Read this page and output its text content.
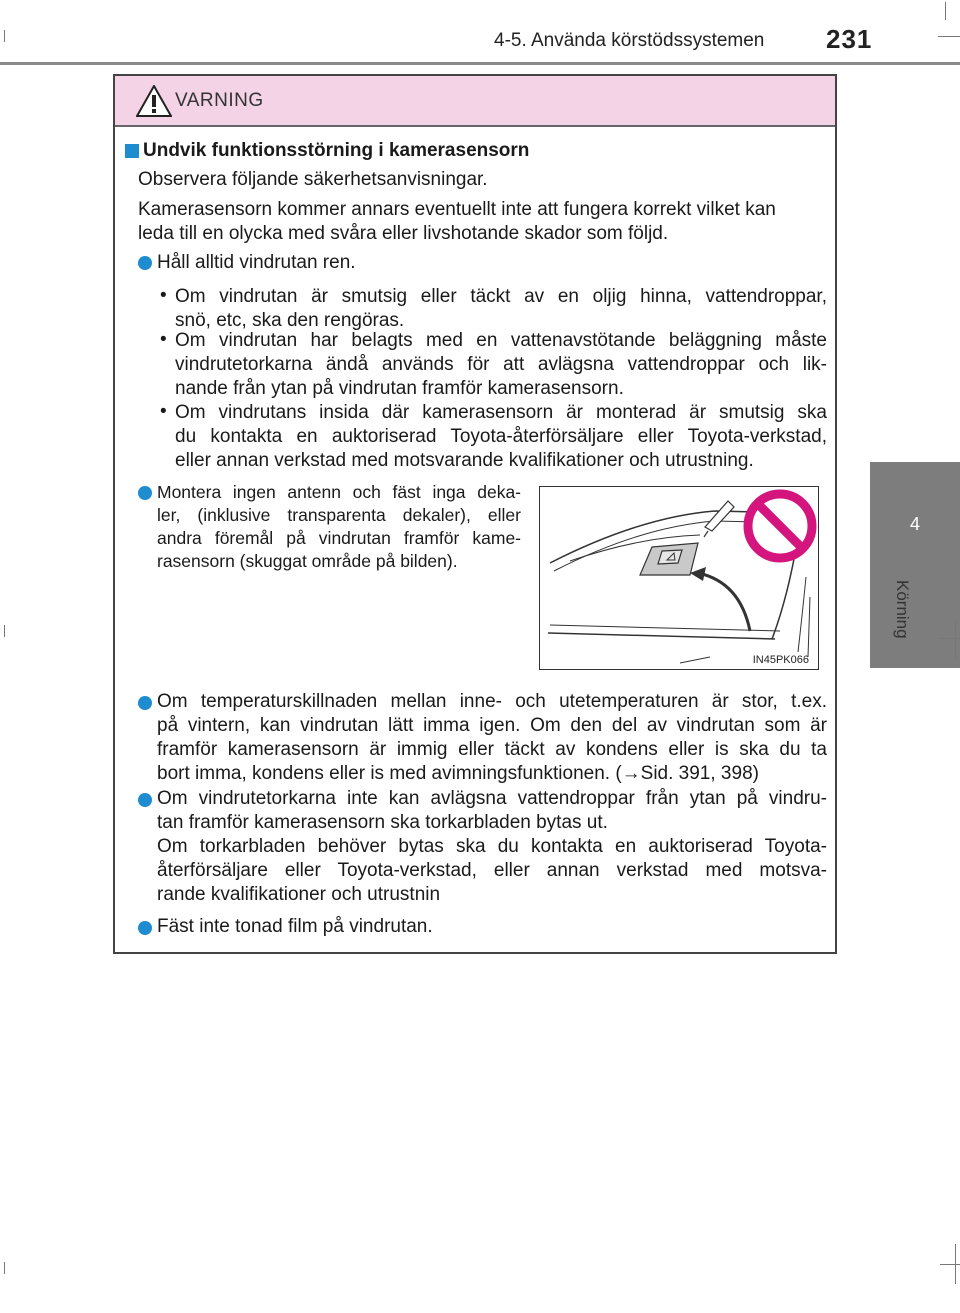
4-5. Använda körstödssystemen 231
4
Körning
VARNING
Undvik funktionsstörning i kamerasensorn
Observera följande säkerhetsanvisningar.
Kamerasensorn kommer annars eventuellt inte att fungera korrekt vilket kan
leda till en olycka med svåra eller livshotande skador som följd.
Håll alltid vindrutan ren.
• Om vindrutan är smutsig eller täckt av en oljig hinna, vattendroppar,
snö, etc, ska den rengöras.
• Om vindrutan har belagts med en vattenavstötande beläggning måste
vindrutetorkarna ändå används för att avlägsna vattendroppar och lik-
nande från ytan på vindrutan framför kamerasensorn.
• Om vindrutans insida där kamerasensorn är monterad är smutsig ska
du kontakta en auktoriserad Toyota-återförsäljare eller Toyota-verkstad,
eller annan verkstad med motsvarande kvalifikationer och utrustning.
Montera ingen antenn och fäst inga deka-
ler, (inklusive transparenta dekaler), eller
andra föremål på vindrutan framför kame-
rasensorn (skuggat område på bilden).
IN45PK066
Om temperaturskillnaden mellan inne- och utetemperaturen är stor, t.ex.
på vintern, kan vindrutan lätt imma igen. Om den del av vindrutan som är
framför kamerasensorn är immig eller täckt av kondens eller is ska du ta
bort imma, kondens eller is med avimningsfunktionen. (→Sid. 391, 398)
Om vindrutetorkarna inte kan avlägsna vattendroppar från ytan på vindru-
tan framför kamerasensorn ska torkarbladen bytas ut.
Om torkarbladen behöver bytas ska du kontakta en auktoriserad Toyota-
återförsäljare eller Toyota-verkstad, eller annan verkstad med motsva-
rande kvalifikationer och utrustnin
Fäst inte tonad film på vindrutan.
